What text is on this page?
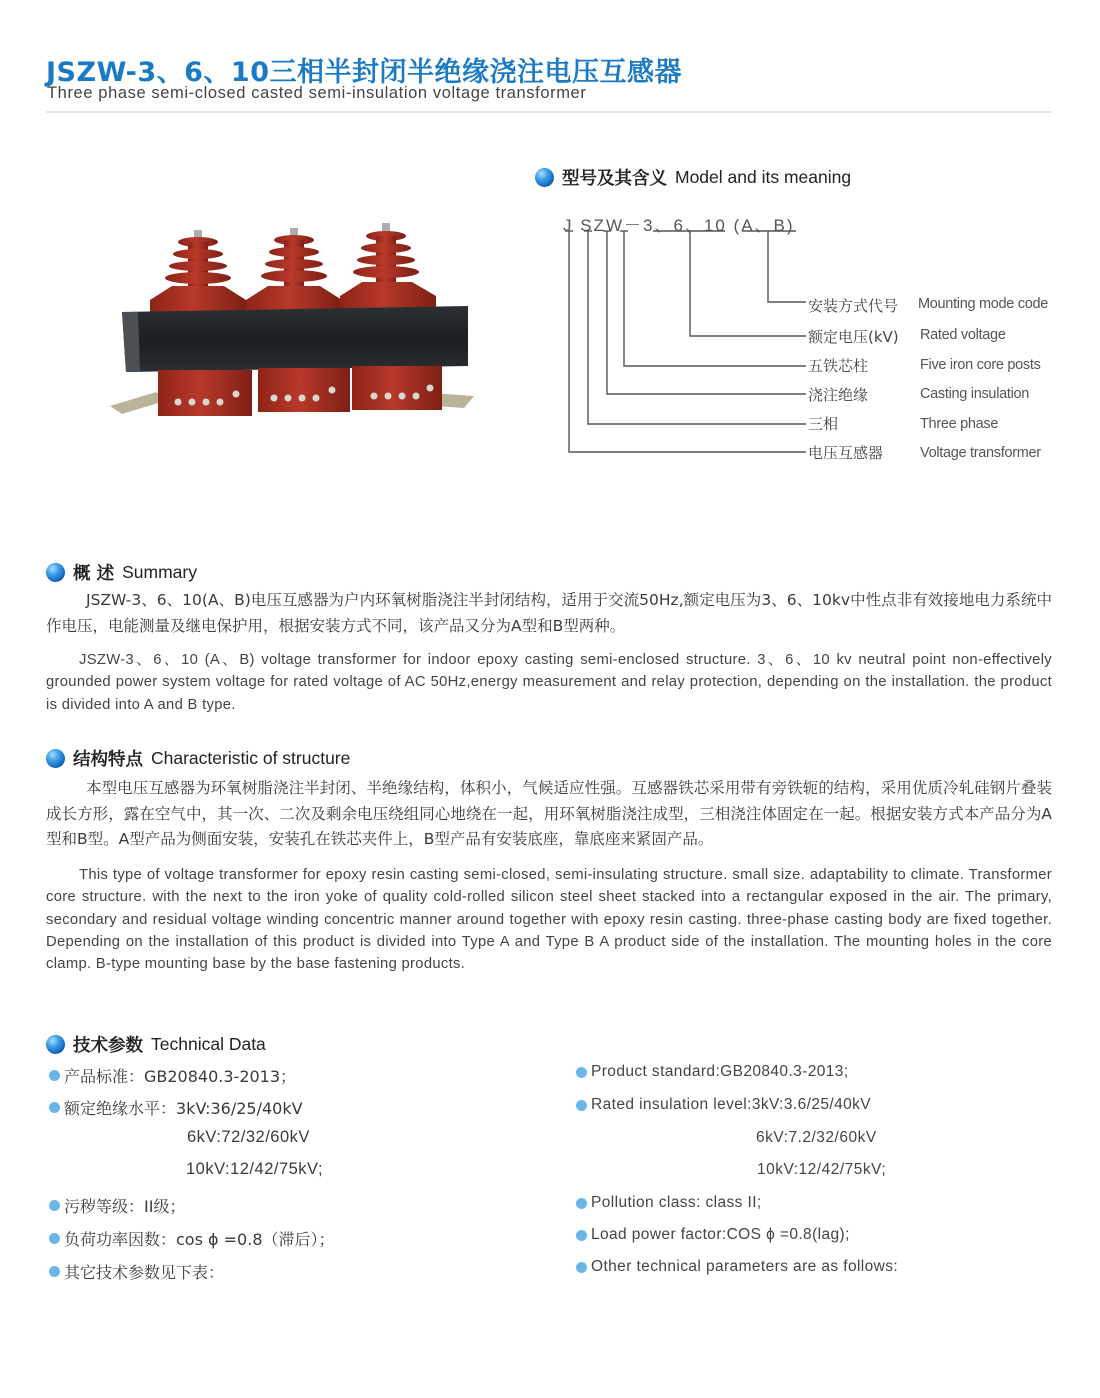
JSZW-3、6、10三相半封闭半绝缘浇注电压互感器
Three phase semi-closed casted semi-insulation voltage transformer
型号及其含义 Model and its meaning
J SZW－3、6、10 (A、B)
安装方式代号 Mounting mode code
额定电压(kV) Rated voltage
五铁芯柱	Five iron core posts
浇注绝缘	Casting insulation
三相	Three phase
电压互感器	Voltage transformer
概 述 Summary

JSZW-3、6、10(A、B)电压互感器为户内环氧树脂浇注半封闭结构，适用于交流50Hz,额定电压为3、6、10kv中性点非有效接地电力系统中作电压，电能测量及继电保护用，根据安装方式不同，该产品又分为A型和B型两种。

JSZW-3、6、10 (A、B) voltage transformer for indoor epoxy casting semi-enclosed structure. 3、6、10 kv neutral point non-effectively grounded power system voltage for rated voltage of AC 50Hz,energy measurement and relay protection, depending on the installation. the product is divided into A and B type.

结构特点 Characteristic of structure

本型电压互感器为环氧树脂浇注半封闭、半绝缘结构，体积小，气候适应性强。互感器铁芯采用带有旁铁轭的结构，采用优质冷轧硅钢片叠装成长方形，露在空气中，其一次、二次及剩余电压绕组同心地绕在一起，用环氧树脂浇注成型，三相浇注体固定在一起。根据安装方式本产品分为A型和B型。A型产品为侧面安装，安装孔在铁芯夹件上，B型产品有安装底座，靠底座来紧固产品。

This type of voltage transformer for epoxy resin casting semi-closed, semi-insulating structure. small size. adaptability to climate. Transformer core structure. with the next to the iron yoke of quality cold-rolled silicon steel sheet stacked into a rectangular exposed in the air. The primary, secondary and residual voltage winding concentric manner around together with epoxy resin casting. three-phase casting body are fixed together. Depending on the installation of this product is divided into Type A and Type B A product side of the installation. The mounting holes in the core clamp. B-type mounting base by the base fastening products.

技术参数 Technical Data
产品标准：GB20840.3-2013；
额定绝缘水平：3kV:36/25/40kV
6kV:72/32/60kV
10kV:12/42/75kV;
污秽等级：II级；
负荷功率因数：cos ϕ =0.8（滞后）；
其它技术参数见下表：
Product standard:GB20840.3-2013;
Rated insulation level:3kV:3.6/25/40kV
6kV:7.2/32/60kV
10kV:12/42/75kV;
Pollution class: class II;
Load power factor:COS ϕ =0.8(lag);
Other technical parameters are as follows:
